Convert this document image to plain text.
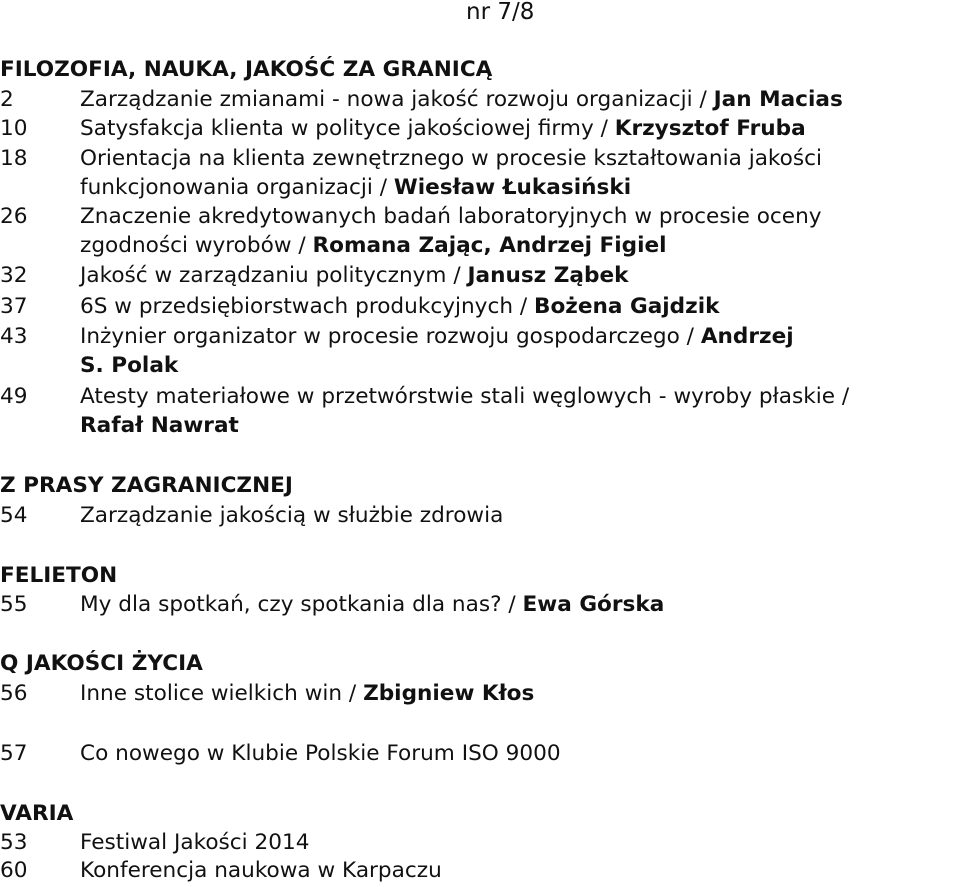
nr 7/8
FILOZOFIA, NAUKA, JAKOŚĆ ZA GRANICĄ
2	Zarządzanie zmianami - nowa jakość rozwoju organizacji / Jan Macias
10 Satysfakcja klienta w polityce jakościowej firmy / Krzysztof Fruba
18 Orientacja na klienta zewnętrznego w procesie kształtowania jakości
funkcjonowania organizacji / Wiesław Łukasiński
26 Znaczenie akredytowanych badań laboratoryjnych w procesie oceny
zgodności wyrobów / Romana Zając, Andrzej Figiel
32 Jakość w zarządzaniu politycznym / Janusz Ząbek
37 6S w przedsiębiorstwach produkcyjnych / Bożena Gajdzik
43 Inżynier organizator w procesie rozwoju gospodarczego / Andrzej
S. Polak
49 Atesty materiałowe w przetwórstwie stali węglowych - wyroby płaskie /
Rafał Nawrat
Z PRASY ZAGRANICZNEJ
54 Zarządzanie jakością w służbie zdrowia
FELIETON
55 My dla spotkań, czy spotkania dla nas? / Ewa Górska
Q JAKOŚCI ŻYCIA
56 Inne stolice wielkich win / Zbigniew Kłos
57 Co nowego w Klubie Polskie Forum ISO 9000
VARIA
53 Festiwal Jakości 2014
60 Konferencja naukowa w Karpaczu
